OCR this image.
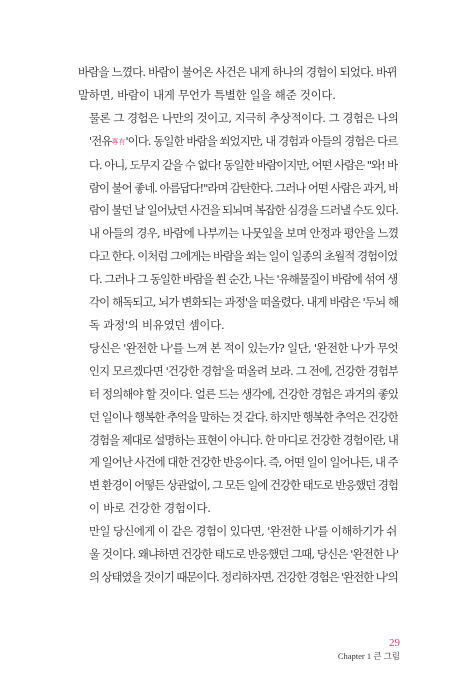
바람을 느꼈다. 바람이 불어온 사건은 내게 하나의 경험이 되었다. 바뀌
말하면, 바람이 내게 무언가 특별한 일을 해준 것이다.

물론 그 경험은 나만의 것이고, 지극히 추상적이다. 그 경험은 나의
'전유專有'이다. 동일한 바람을 쐬었지만, 내 경험과 아들의 경험은 다르
다. 아니, 도무지 같을 수 없다! 동일한 바람이지만, 어떤 사람은 "와! 바
람이 불어 좋네. 아름답다!"라며 감탄한다. 그러나 어떤 사람은 과거, 바
람이 불던 날 일어났던 사건을 되뇌며 복잡한 심경을 드러낼 수도 있다.

내 아들의 경우, 바람에 나부끼는 나뭇잎을 보며 안정과 평안을 느꼈
다고 한다. 이처럼 그에게는 바람을 쐬는 일이 일종의 초월적 경험이었
다. 그러나 그 동일한 바람을 쐰 순간, 나는 '유해물질이 바람에 섞여 생
각이 해독되고, 뇌가 변화되는 과정'을 떠올렸다. 내게 바람은 '두뇌 해
독 과정'의 비유였던 셈이다.

당신은 '완전한 나'를 느껴 본 적이 있는가? 일단, '완전한 나'가 무엇
인지 모르겠다면 '건강한 경험'을 떠올려 보라. 그 전에, 건강한 경험부
터 정의해야 할 것이다. 얼른 드는 생각에, 건강한 경험은 과거의 좋았
던 일이나 행복한 추억을 말하는 것 같다. 하지만 행복한 추억은 건강한
경험을 제대로 설명하는 표현이 아니다. 한 마디로 건강한 경험이란, 내
게 일어난 사건에 대한 건강한 반응이다. 즉, 어떤 일이 일어나든, 내 주
변 환경이 어떻든 상관없이, 그 모든 일에 건강한 태도로 반응했던 경험
이 바로 건강한 경험이다.

만일 당신에게 이 같은 경험이 있다면, '완전한 나'를 이해하기가 쉬
울 것이다. 왜냐하면 건강한 태도로 반응했던 그때, 당신은 '완전한 나'
의 상태였을 것이기 때문이다. 정리하자면, 건강한 경험은 '완전한 나'의

29
Chapter 1 큰 그림
